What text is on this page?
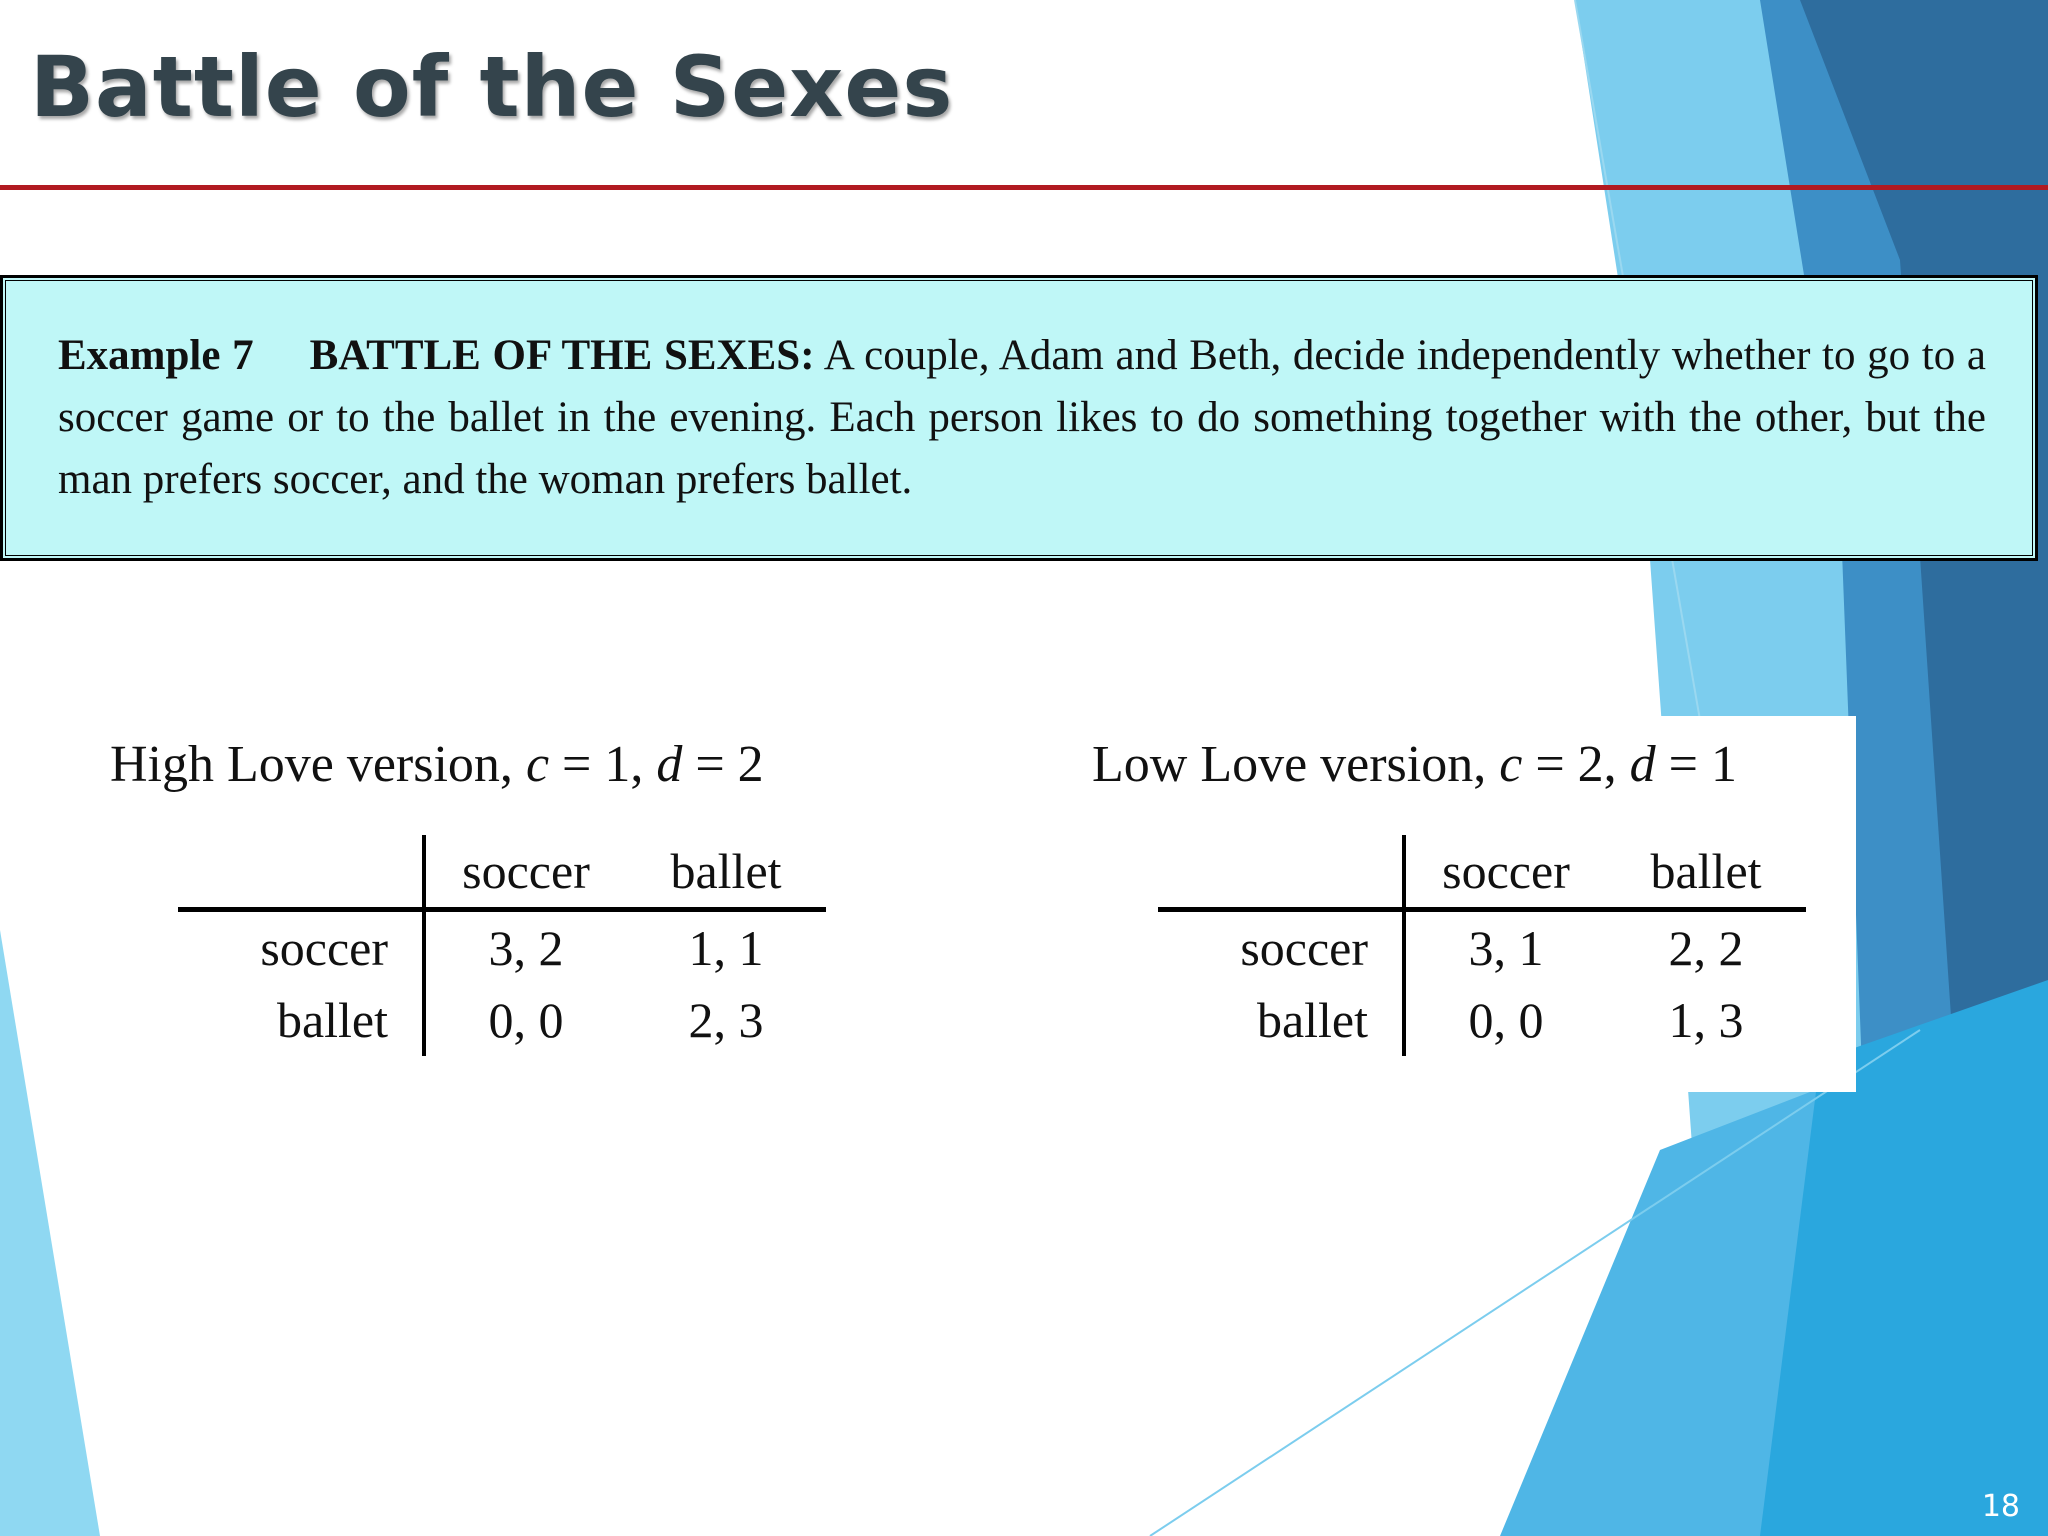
Battle of the Sexes
Example 7 BATTLE OF THE SEXES: A couple, Adam and Beth, decide independently whether to go to a soccer game or to the ballet in the evening. Each person likes to do something together with the other, but the man prefers soccer, and the woman prefers ballet.

High Love version, c = 1, d = 2

	soccer	ballet
soccer	3, 2	1, 1
ballet	0, 0	2, 3

Low Love version, c = 2, d = 1

	soccer	ballet
soccer	3, 1	2, 2
ballet	0, 0	1, 3
18
